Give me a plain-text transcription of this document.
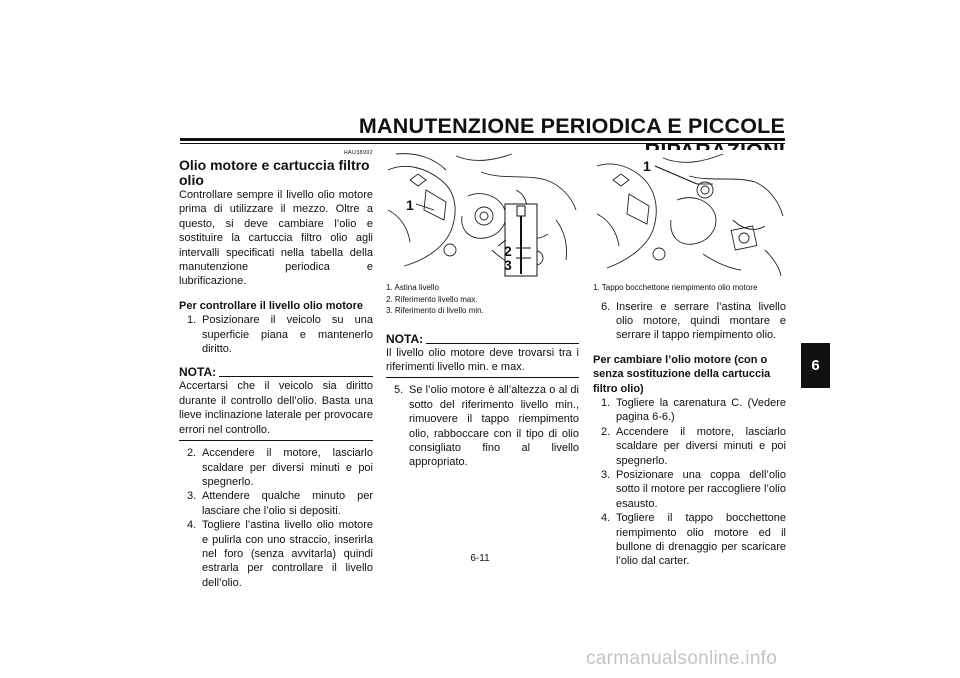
MANUTENZIONE PERIODICA E PICCOLE
6
HAU38992
Olio motore e cartuccia filtro olio

Controllare sempre il livello olio motore prima di utilizzare il mezzo. Oltre a questo, si deve cambiare l’olio e sostituire la cartuccia filtro olio agli intervalli specificati nella tabella della manutenzione periodica e lubrificazione.

Per controllare il livello olio motore
1. Posizionare il veicolo su una superficie piana e mantenerlo diritto.
NOTA:

Accertarsi che il veicolo sia diritto durante il controllo dell’olio. Basta una lieve inclinazione laterale per provocare errori nel controllo.

2. Accendere il motore, lasciarlo scaldare per diversi minuti e poi spegnerlo.
3. Attendere qualche minuto per lasciare che l’olio si depositi.
4. Togliere l’astina livello olio motore e pulirla con uno straccio, inserirla nel foro (senza avvitarla) quindi estrarla per controllare il livello dell’olio.
1
2
3
1. Astina livello
2. Riferimento livello max.
3. Riferimento di livello min.
NOTA:

Il livello olio motore deve trovarsi tra i riferimenti livello min. e max.

5. Se l’olio motore è all’altezza o al di sotto del riferimento livello min., rimuovere il tappo riempimento olio, rabboccare con il tipo di olio consigliato fino al livello appropriato.
1
1. Tappo bocchettone riempimento olio motore
6. Inserire e serrare l’astina livello olio motore, quindi montare e serrare il tappo riempimento olio.
Per cambiare l’olio motore (con o senza sostituzione della cartuccia filtro olio)
1. Togliere la carenatura C. (Vedere pagina 6-6.)
2. Accendere il motore, lasciarlo scaldare per diversi minuti e poi spegnerlo.
3. Posizionare una coppa dell’olio sotto il motore per raccogliere l’olio esausto.
4. Togliere il tappo bocchettone riempimento olio motore ed il bullone di drenaggio per scaricare l’olio dal carter.
6-11
carmanualsonline.info
